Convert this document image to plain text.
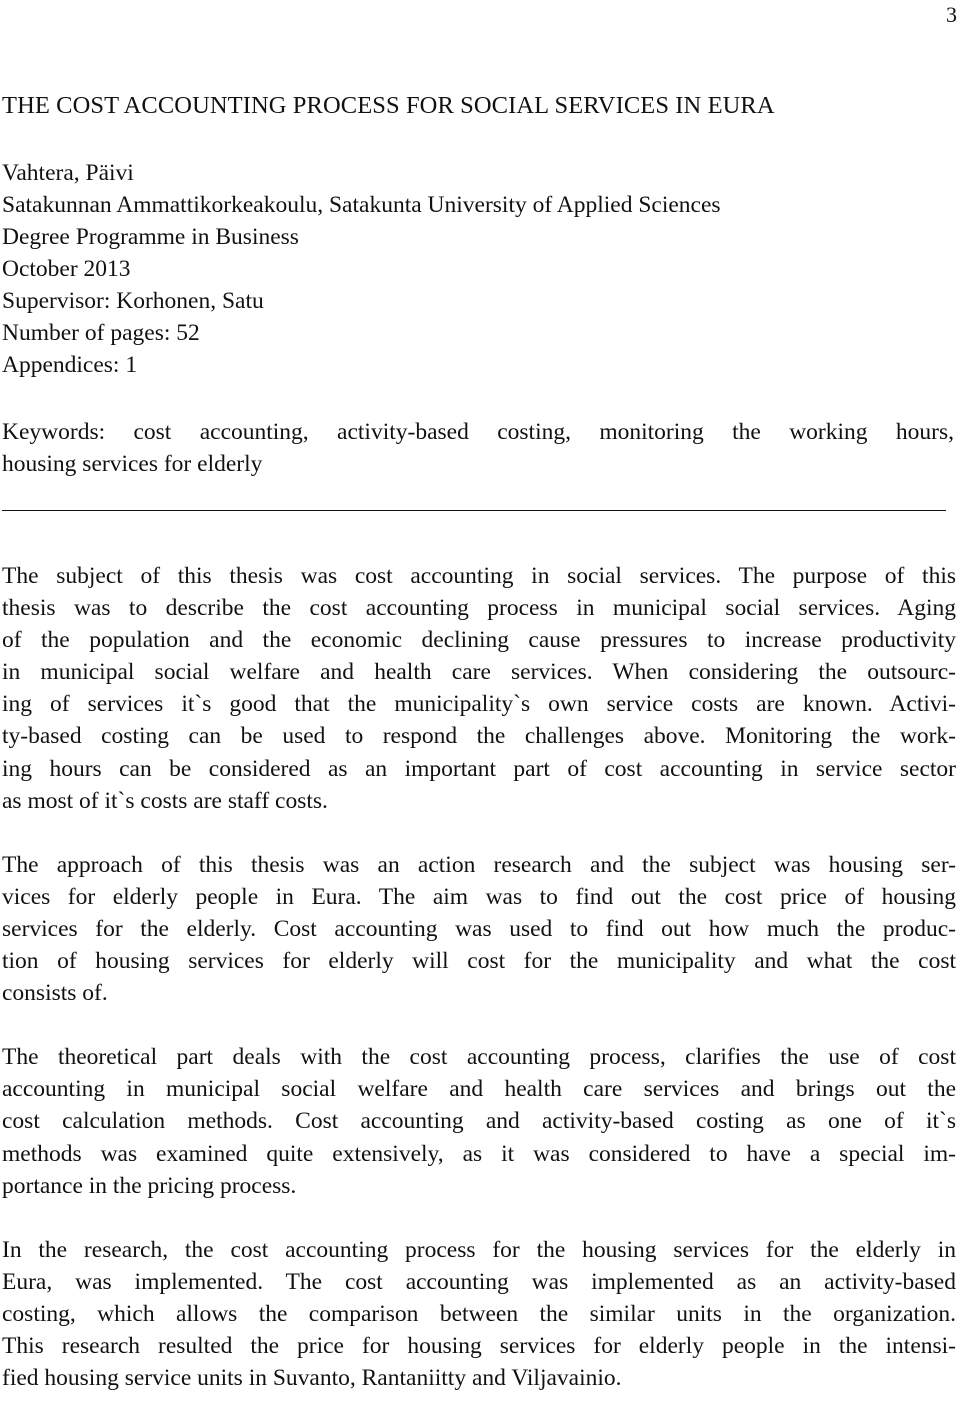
3
THE COST ACCOUNTING PROCESS FOR SOCIAL SERVICES IN EURA
Vahtera, Päivi
Satakunnan Ammattikorkeakoulu, Satakunta University of Applied Sciences
Degree Programme in Business
October 2013
Supervisor: Korhonen, Satu
Number of pages: 52
Appendices: 1
Keywords: cost accounting, activity-based costing, monitoring the working hours,
housing services for elderly

The subject of this thesis was cost accounting in social services. The purpose of this
thesis was to describe the cost accounting process in municipal social services. Aging
of the population and the economic declining cause pressures to increase productivity
in municipal social welfare and health care services. When considering the outsourc-
ing of services it`s good that the municipality`s own service costs are known. Activi-
ty-based costing can be used to respond the challenges above. Monitoring the work-
ing hours can be considered as an important part of cost accounting in service sector
as most of it`s costs are staff costs.

The approach of this thesis was an action research and the subject was housing ser-
vices for elderly people in Eura. The aim was to find out the cost price of housing
services for the elderly. Cost accounting was used to find out how much the produc-
tion of housing services for elderly will cost for the municipality and what the cost
consists of.

The theoretical part deals with the cost accounting process, clarifies the use of cost
accounting in municipal social welfare and health care services and brings out the
cost calculation methods. Cost accounting and activity-based costing as one of it`s
methods was examined quite extensively, as it was considered to have a special im-
portance in the pricing process.

In the research, the cost accounting process for the housing services for the elderly in
Eura, was implemented. The cost accounting was implemented as an activity-based
costing, which allows the comparison between the similar units in the organization.
This research resulted the price for housing services for elderly people in the intensi-
fied housing service units in Suvanto, Rantaniitty and Viljavainio.
